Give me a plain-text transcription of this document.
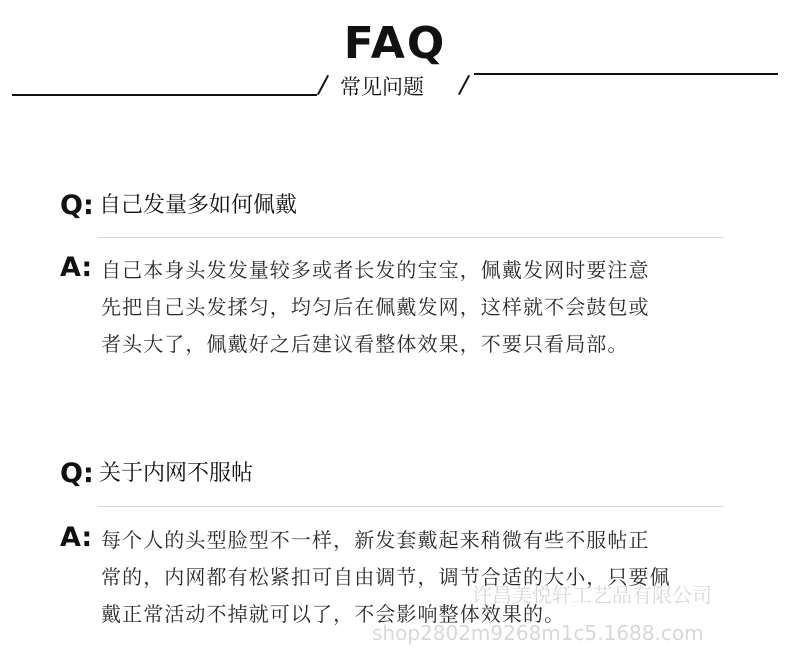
FAQ
常见问题
Q: 自己发量多如何佩戴
A: 自己本身头发发量较多或者长发的宝宝，佩戴发网时要注意
先把自己头发揉匀，均匀后在佩戴发网，这样就不会鼓包或
者头大了，佩戴好之后建议看整体效果，不要只看局部。
Q: 关于内网不服帖
A: 每个人的头型脸型不一样，新发套戴起来稍微有些不服帖正
常的，内网都有松紧扣可自由调节，调节合适的大小，只要佩
戴正常活动不掉就可以了，不会影响整体效果的。
许昌美悦轩工艺品有限公司
shop2802m9268m1c5.1688.com
